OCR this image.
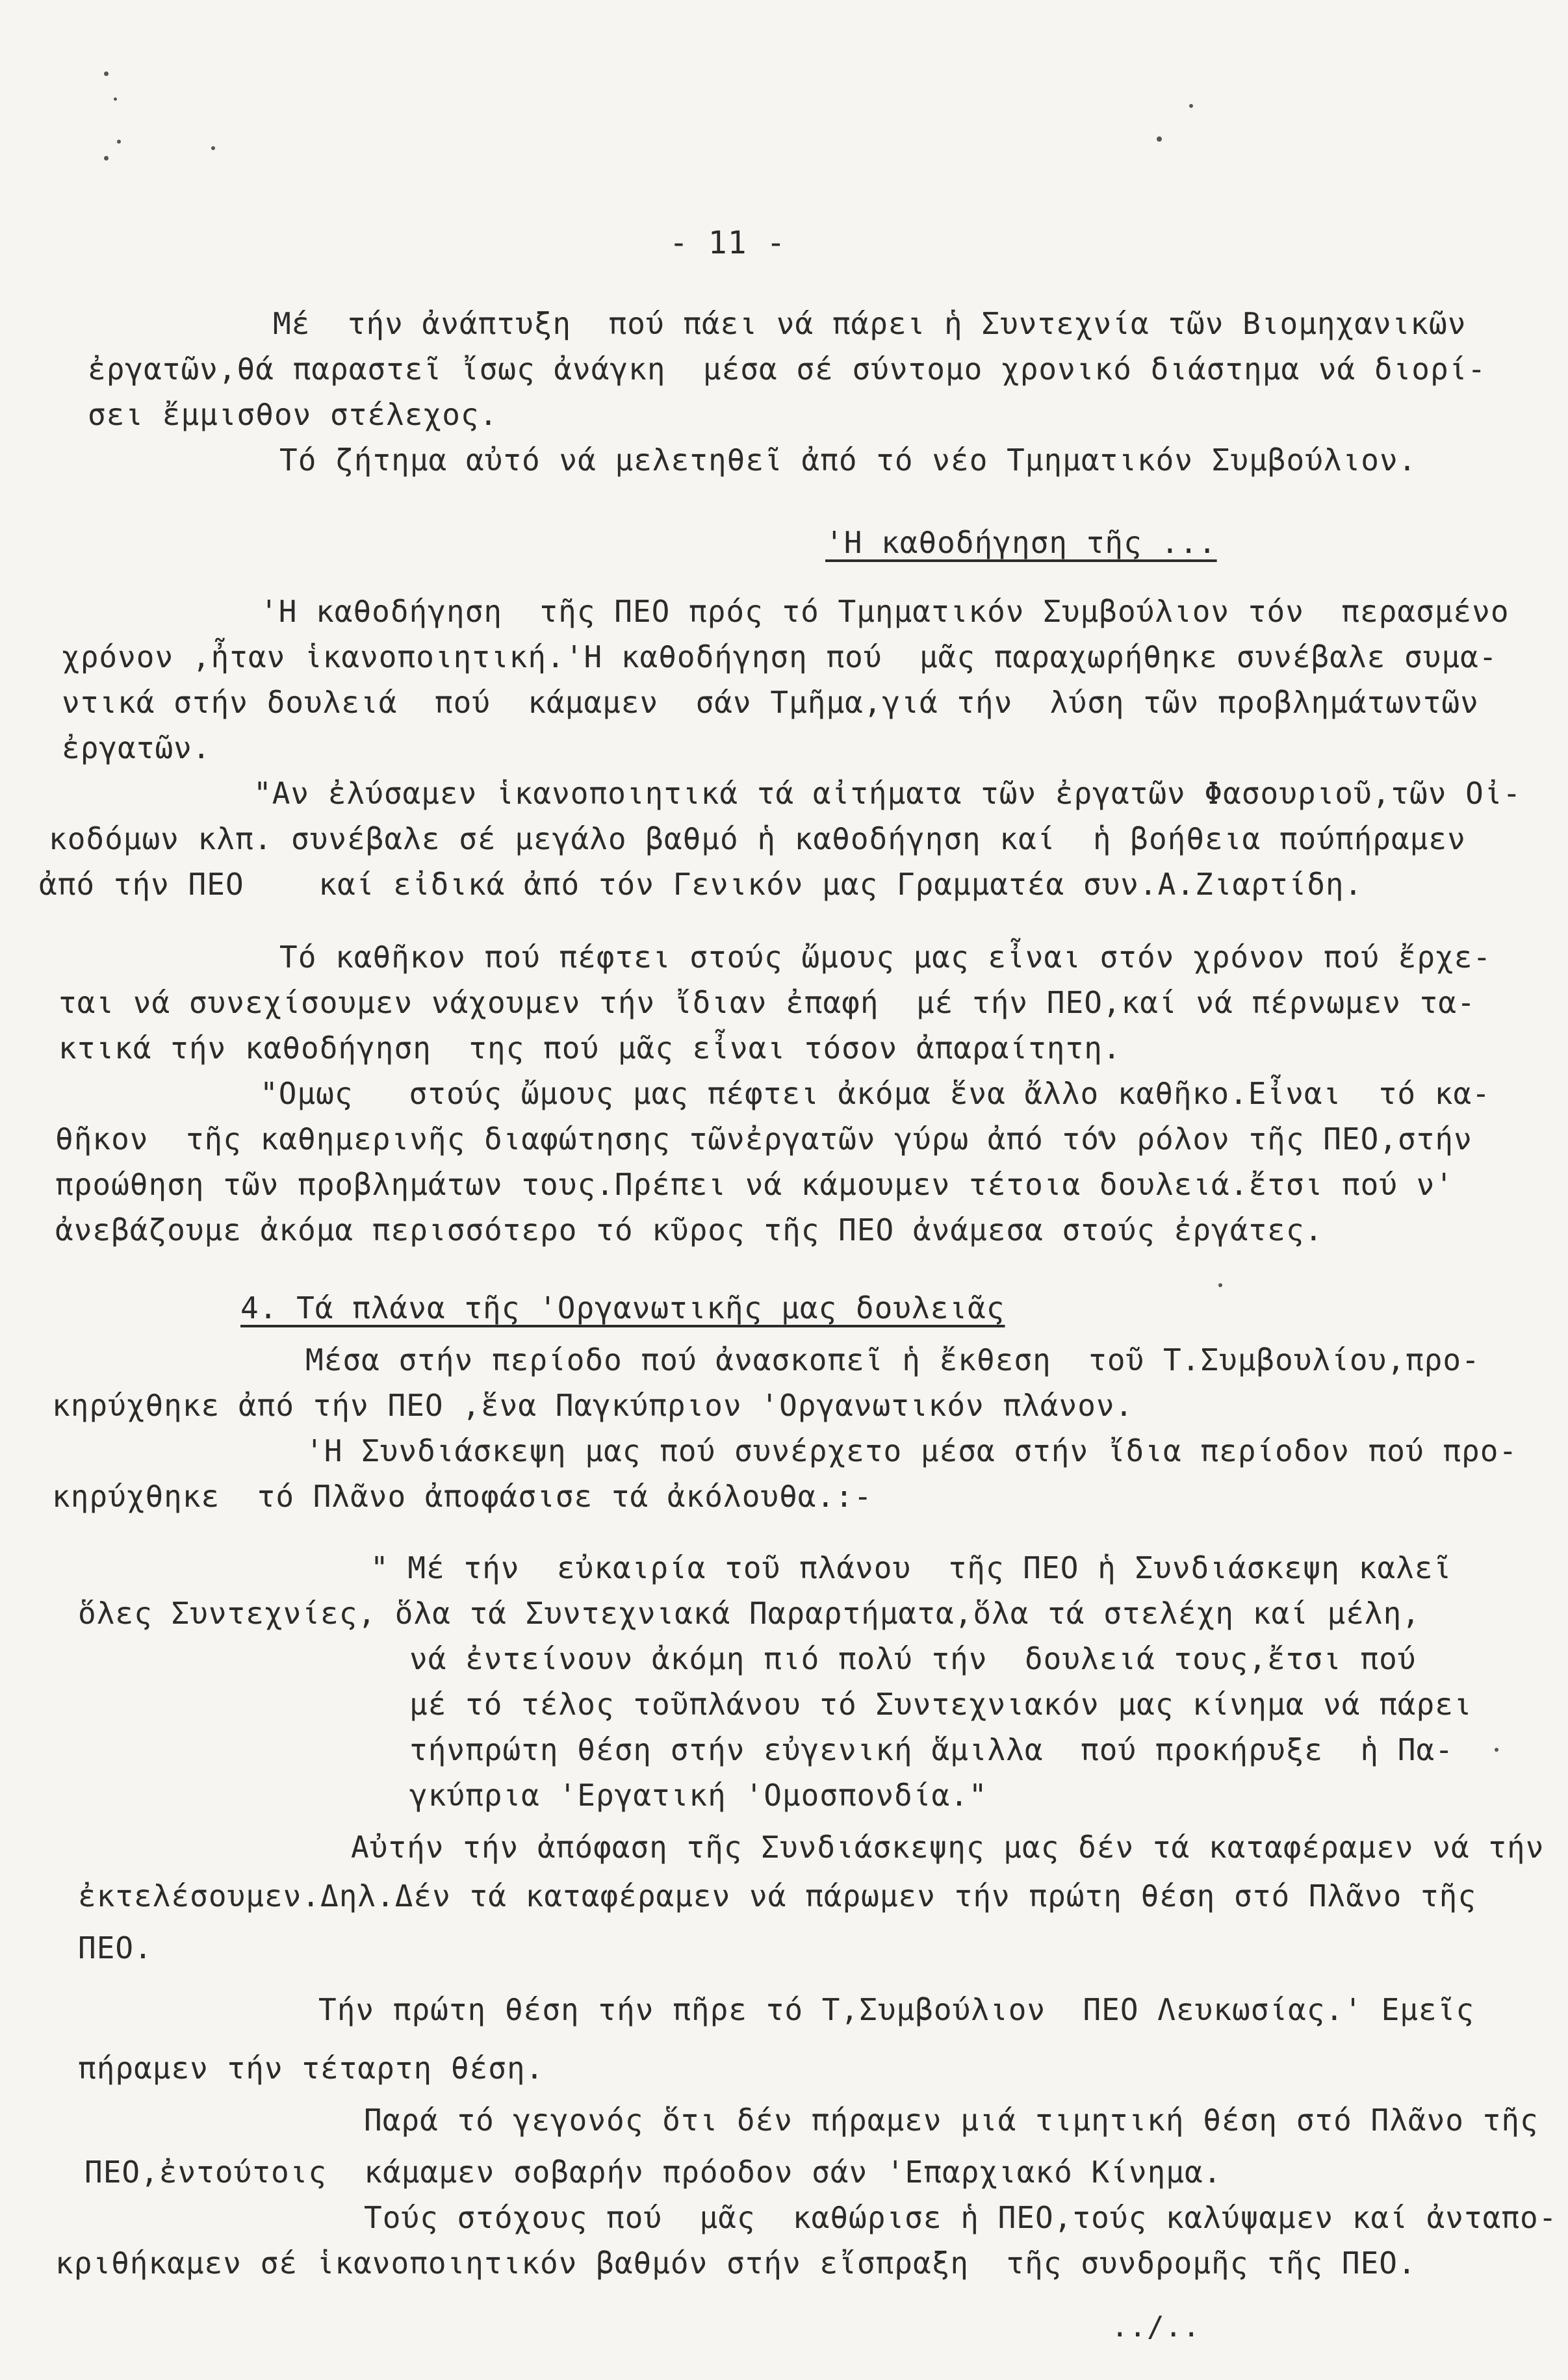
- 11 -
Μέ  τήν ἀνάπτυξη  πού πάει νά πάρει ἡ Συντεχνία τῶν Βιομηχανικῶν
ἐργατῶν,θά παραστεῖ ἴσως ἀνάγκη  μέσα σέ σύντομο χρονικό διάστημα νά διορί-
σει ἔμμισθον στέλεχος.
Τό ζήτημα αὐτό νά μελετηθεῖ ἀπό τό νέο Τμηματικόν Συμβούλιον.
'Η καθοδήγηση τῆς ...
'Η καθοδήγηση  τῆς ΠΕΟ πρός τό Τμηματικόν Συμβούλιον τόν  περασμένο
χρόνον ,ἦταν ἱκανοποιητική.'Η καθοδήγηση πού  μᾶς παραχωρήθηκε συνέβαλε συμα-
ντικά στήν δουλειά  πού  κάμαμεν  σάν Τμῆμα,γιά τήν  λύση τῶν προβλημάτωντῶν
ἐργατῶν.
"Αν ἐλύσαμεν ἱκανοποιητικά τά αἰτήματα τῶν ἐργατῶν Φασουριοῦ,τῶν Οἰ-
κοδόμων κλπ. συνέβαλε σέ μεγάλο βαθμό ἡ καθοδήγηση καί  ἡ βοήθεια πούπήραμεν
ἀπό τήν ΠΕΟ    καί εἰδικά ἀπό τόν Γενικόν μας Γραμματέα συν.Α.Ζιαρτίδη.
Τό καθῆκον πού πέφτει στούς ὤμους μας εἶναι στόν χρόνον πού ἔρχε-
ται νά συνεχίσουμεν νάχουμεν τήν ἴδιαν ἐπαφή  μέ τήν ΠΕΟ,καί νά πέρνωμεν τα-
κτικά τήν καθοδήγηση  της πού μᾶς εἶναι τόσον ἀπαραίτητη.
"Ομως   στούς ὤμους μας πέφτει ἀκόμα ἕνα ἄλλο καθῆκο.Εἶναι  τό κα-
θῆκον  τῆς καθημερινῆς διαφώτησης τῶνἐργατῶν γύρω ἀπό τόν ρόλον τῆς ΠΕΟ,στήν
προώθηση τῶν προβλημάτων τους.Πρέπει νά κάμουμεν τέτοια δουλειά.ἔτσι πού ν'
ἀνεβάζουμε ἀκόμα περισσότερο τό κῦρος τῆς ΠΕΟ ἀνάμεσα στούς ἐργάτες.
4. Τά πλάνα τῆς 'Οργανωτικῆς μας δουλειᾶς
Μέσα στήν περίοδο πού ἀνασκοπεῖ ἡ ἔκθεση  τοῦ Τ.Συμβουλίου,προ-
κηρύχθηκε ἀπό τήν ΠΕΟ ,ἕνα Παγκύπριον 'Οργανωτικόν πλάνον.
'Η Συνδιάσκεψη μας πού συνέρχετο μέσα στήν ἴδια περίοδον πού προ-
κηρύχθηκε  τό Πλᾶνο ἀποφάσισε τά ἀκόλουθα.:-
" Μέ τήν  εὐκαιρία τοῦ πλάνου  τῆς ΠΕΟ ἡ Συνδιάσκεψη καλεῖ
ὅλες Συντεχνίες, ὅλα τά Συντεχνιακά Παραρτήματα,ὅλα τά στελέχη καί μέλη,
νά ἐντείνουν ἀκόμη πιό πολύ τήν  δουλειά τους,ἔτσι πού
μέ τό τέλος τοῦπλάνου τό Συντεχνιακόν μας κίνημα νά πάρει
τήνπρώτη θέση στήν εὐγενική ἅμιλλα  πού προκήρυξε  ἡ Πα-
γκύπρια 'Εργατική 'Ομοσπονδία."
Αὐτήν τήν ἀπόφαση τῆς Συνδιάσκεψης μας δέν τά καταφέραμεν νά τήν
ἐκτελέσουμεν.Δηλ.Δέν τά καταφέραμεν νά πάρωμεν τήν πρώτη θέση στό Πλᾶνο τῆς
ΠΕΟ.
Τήν πρώτη θέση τήν πῆρε τό Τ,Συμβούλιον  ΠΕΟ Λευκωσίας.' Εμεῖς
πήραμεν τήν τέταρτη θέση.
Παρά τό γεγονός ὅτι δέν πήραμεν μιά τιμητική θέση στό Πλᾶνο τῆς
ΠΕΟ,ἐντούτοις  κάμαμεν σοβαρήν πρόοδον σάν 'Επαρχιακό Κίνημα.
Τούς στόχους πού  μᾶς  καθώρισε ἡ ΠΕΟ,τούς καλύψαμεν καί ἀνταπο-
κριθήκαμεν σέ ἱκανοποιητικόν βαθμόν στήν εἴσπραξη  τῆς συνδρομῆς τῆς ΠΕΟ.
../..
